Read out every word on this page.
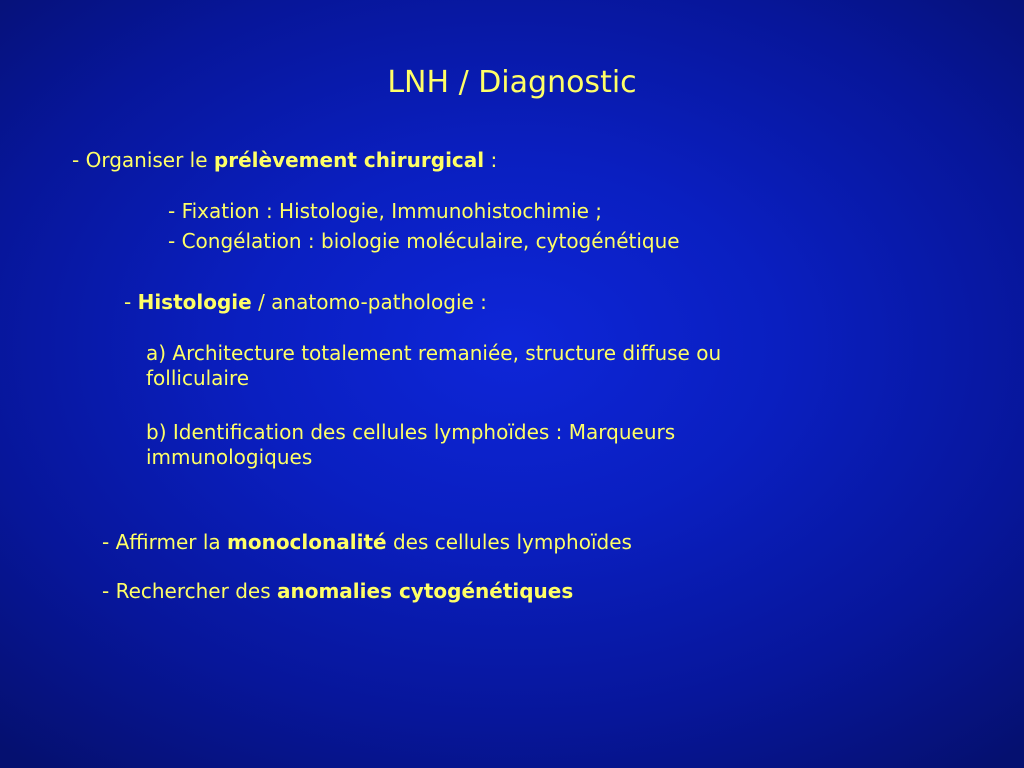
LNH / Diagnostic
- Organiser le prélèvement chirurgical :
- Fixation : Histologie, Immunohistochimie ;
- Congélation : biologie moléculaire, cytogénétique
- Histologie / anatomo-pathologie :
a) Architecture totalement remaniée, structure diffuse ou
folliculaire
b) Identification des cellules lymphoïdes : Marqueurs
immunologiques
- Affirmer la monoclonalité des cellules lymphoïdes
- Rechercher des anomalies cytogénétiques
